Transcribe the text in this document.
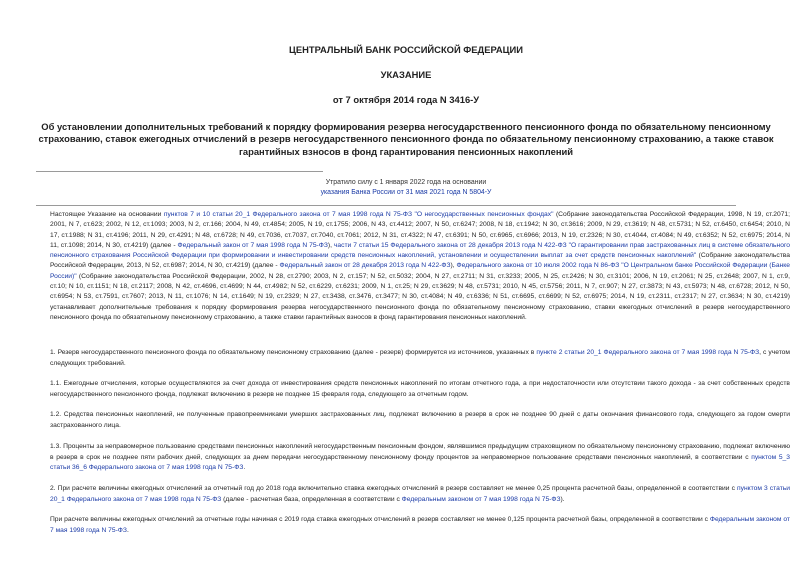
ЦЕНТРАЛЬНЫЙ БАНК РОССИЙСКОЙ ФЕДЕРАЦИИ
УКАЗАНИЕ
от 7 октября 2014 года N 3416-У
Об установлении дополнительных требований к порядку формирования резерва негосударственного пенсионного фонда по обязательному пенсионному страхованию, ставок ежегодных отчислений в резерв негосударственного пенсионного фонда по обязательному пенсионному страхованию, а также ставок гарантийных взносов в фонд гарантирования пенсионных накоплений
Утратило силу с 1 января 2022 года на основании
указания Банка России от 31 мая 2021 года N 5804-У
Настоящее Указание на основании пунктов 7 и 10 статьи 20_1 Федерального закона от 7 мая 1998 года N 75-ФЗ "О негосударственных пенсионных фондах" (Собрание законодательства Российской Федерации, 1998, N 19, ст.2071; 2001, N 7, ст.623; 2002, N 12, ст.1093; 2003, N 2, ст.166; 2004, N 49, ст.4854; 2005, N 19, ст.1755; 2006, N 43, ст.4412; 2007, N 50, ст.6247; 2008, N 18, ст.1942; N 30, ст.3616; 2009, N 29, ст.3619; N 48, ст.5731; N 52, ст.6450, ст.6454; 2010, N 17, ст.1988; N 31, ст.4196; 2011, N 29, ст.4291; N 48, ст.6728; N 49, ст.7036, ст.7037, ст.7040, ст.7061; 2012, N 31, ст.4322; N 47, ст.6391; N 50, ст.6965, ст.6966; 2013, N 19, ст.2326; N 30, ст.4044, ст.4084; N 49, ст.6352; N 52, ст.6975; 2014, N 11, ст.1098; 2014, N 30, ст.4219) (далее - Федеральный закон от 7 мая 1998 года N 75-ФЗ), части 7 статьи 15 Федерального закона от 28 декабря 2013 года N 422-ФЗ "О гарантировании прав застрахованных лиц в системе обязательного пенсионного страхования Российской Федерации при формировании и инвестировании средств пенсионных накоплений, установлении и осуществлении выплат за счет средств пенсионных накоплений" (Собрание законодательства Российской Федерации, 2013, N 52, ст.6987; 2014, N 30, ст.4219) (далее - Федеральный закон от 28 декабря 2013 года N 422-ФЗ), Федерального закона от 10 июля 2002 года N 86-ФЗ "О Центральном банке Российской Федерации (Банке России)" (Собрание законодательства Российской Федерации, 2002, N 28, ст.2790; 2003, N 2, ст.157; N 52, ст.5032; 2004, N 27, ст.2711; N 31, ст.3233; 2005, N 25, ст.2426; N 30, ст.3101; 2006, N 19, ст.2061; N 25, ст.2648; 2007, N 1, ст.9, ст.10; N 10, ст.1151; N 18, ст.2117; 2008, N 42, ст.4696, ст.4699; N 44, ст.4982; N 52, ст.6229, ст.6231; 2009, N 1, ст.25; N 29, ст.3629; N 48, ст.5731; 2010, N 45, ст.5756; 2011, N 7, ст.907; N 27, ст.3873; N 43, ст.5973; N 48, ст.6728; 2012, N 50, ст.6954; N 53, ст.7591, ст.7607; 2013, N 11, ст.1076; N 14, ст.1649; N 19, ст.2329; N 27, ст.3438, ст.3476, ст.3477; N 30, ст.4084; N 49, ст.6336; N 51, ст.6695, ст.6699; N 52, ст.6975; 2014, N 19, ст.2311, ст.2317; N 27, ст.3634; N 30, ст.4219) устанавливает дополнительные требования к порядку формирования резерва негосударственного пенсионного фонда по обязательному пенсионному страхованию, ставки ежегодных отчислений в резерв негосударственного пенсионного фонда по обязательному пенсионному страхованию, а также ставки гарантийных взносов в фонд гарантирования пенсионных накоплений.
1. Резерв негосударственного пенсионного фонда по обязательному пенсионному страхованию (далее - резерв) формируется из источников, указанных в пункте 2 статьи 20_1 Федерального закона от 7 мая 1998 года N 75-ФЗ, с учетом следующих требований.
1.1. Ежегодные отчисления, которые осуществляются за счет дохода от инвестирования средств пенсионных накоплений по итогам отчетного года, а при недостаточности или отсутствии такого дохода - за счет собственных средств негосударственного пенсионного фонда, подлежат включению в резерв не позднее 15 февраля года, следующего за отчетным годом.
1.2. Средства пенсионных накоплений, не полученные правопреемниками умерших застрахованных лиц, подлежат включению в резерв в срок не позднее 90 дней с даты окончания финансового года, следующего за годом смерти застрахованного лица.
1.3. Проценты за неправомерное пользование средствами пенсионных накоплений негосударственным пенсионным фондом, являвшимся предыдущим страховщиком по обязательному пенсионному страхованию, подлежат включению в резерв в срок не позднее пяти рабочих дней, следующих за днем передачи негосударственному пенсионному фонду процентов за неправомерное пользование средствами пенсионных накоплений, в соответствии с пунктом 5_3 статьи 36_6 Федерального закона от 7 мая 1998 года N 75-ФЗ.
2. При расчете величины ежегодных отчислений за отчетный год до 2018 года включительно ставка ежегодных отчислений в резерв составляет не менее 0,25 процента расчетной базы, определенной в соответствии с пунктом 3 статьи 20_1 Федерального закона от 7 мая 1998 года N 75-ФЗ (далее - расчетная база, определенная в соответствии с Федеральным законом от 7 мая 1998 года N 75-ФЗ).
При расчете величины ежегодных отчислений за отчетные годы начиная с 2019 года ставка ежегодных отчислений в резерв составляет не менее 0,125 процента расчетной базы, определенной в соответствии с Федеральным законом от 7 мая 1998 года N 75-ФЗ.
